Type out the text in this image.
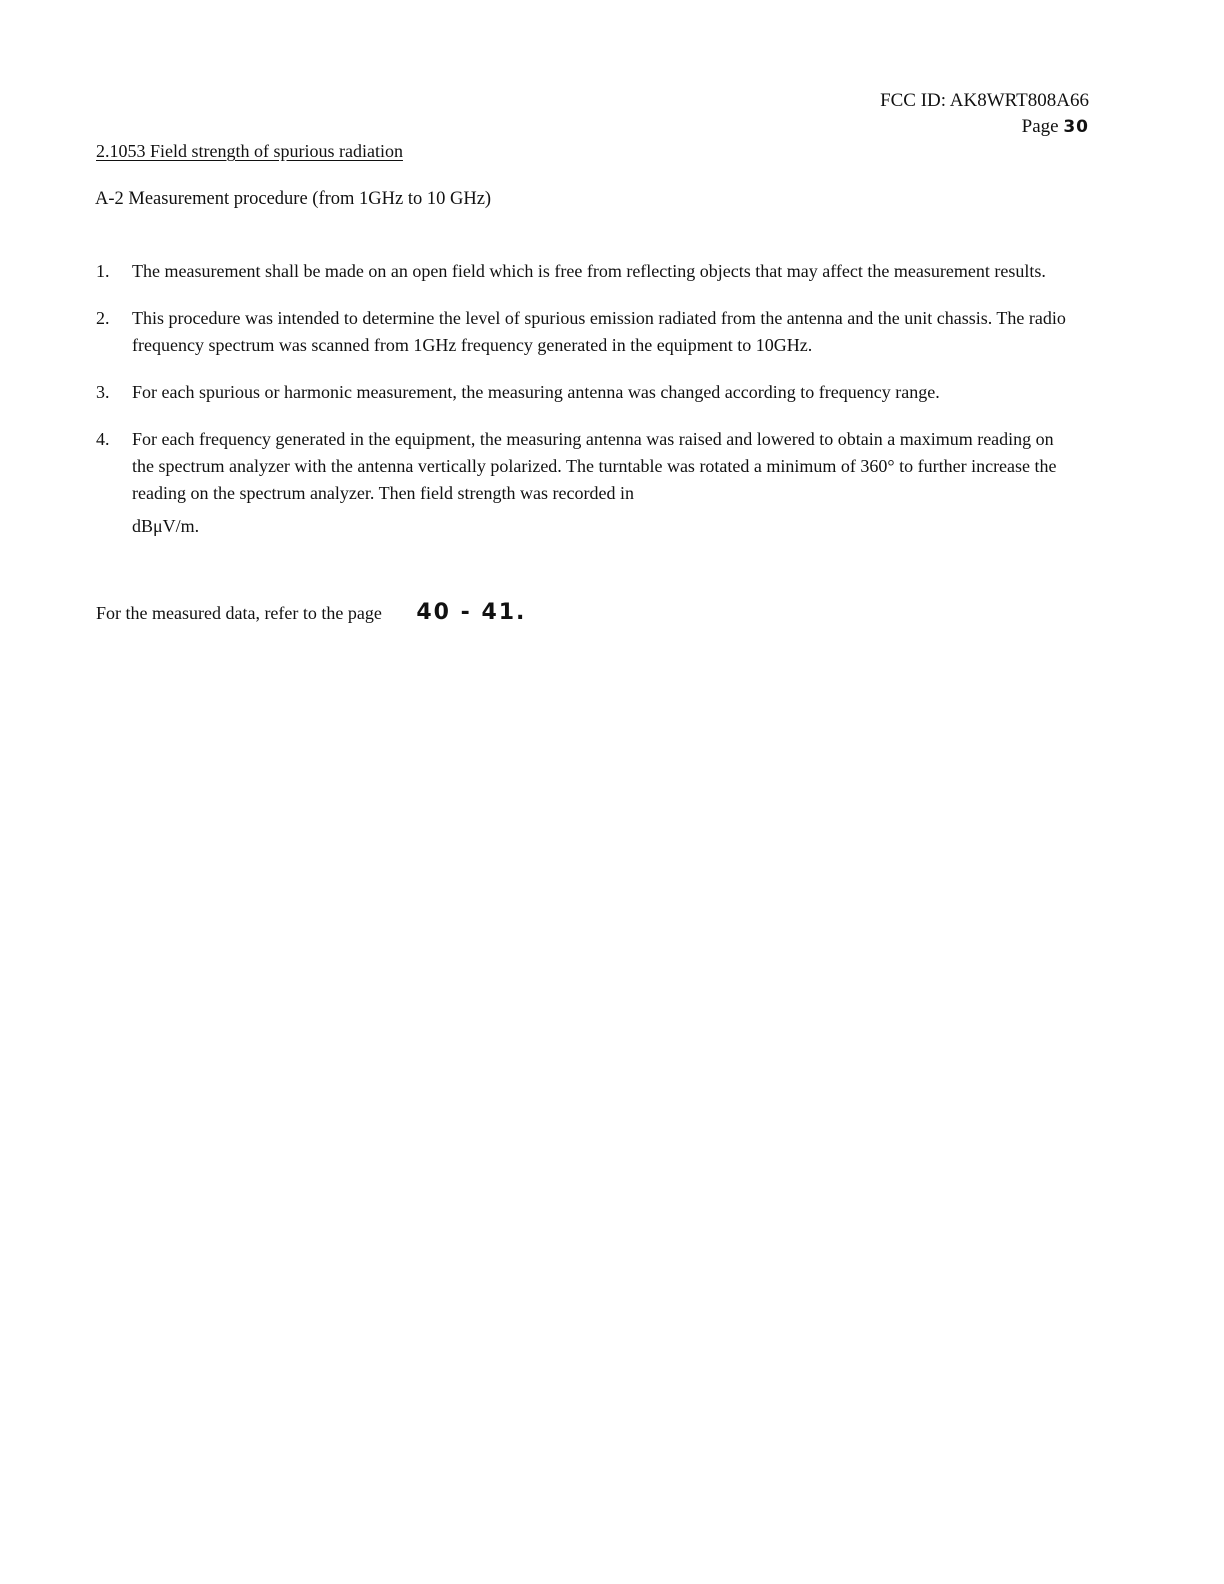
FCC ID: AK8WRT808A66
Page 30
2.1053 Field strength of spurious radiation
A-2 Measurement procedure (from 1GHz to 10 GHz)
1. The measurement shall be made on an open field which is free from reflecting objects that may affect the measurement results.
2. This procedure was intended to determine the level of spurious emission radiated from the antenna and the unit chassis. The radio frequency spectrum was scanned from 1GHz frequency generated in the equipment to 10GHz.
3. For each spurious or harmonic measurement, the measuring antenna was changed according to frequency range.
4. For each frequency generated in the equipment, the measuring antenna was raised and lowered to obtain a maximum reading on the spectrum analyzer with the antenna vertically polarized. The turntable was rotated a minimum of 360° to further increase the reading on the spectrum analyzer. Then field strength was recorded in
dBμV/m.
For the measured data, refer to the page 40 - 41.
